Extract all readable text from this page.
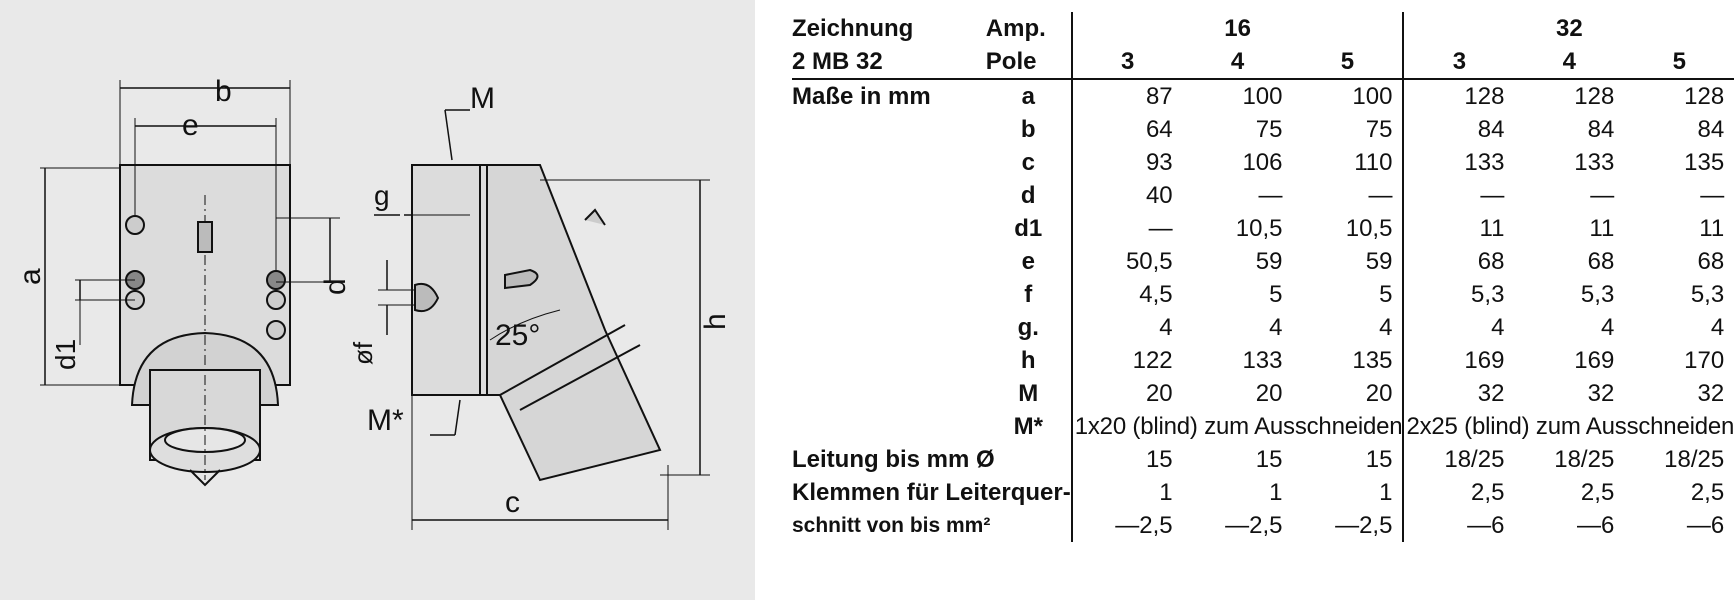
b
e
a
d1
d
M
g
øf
25°	h
M*
c
Zeichnung	Amp.	16			32		
2 MB 32	Pole	3	4	5	3	4	5
Maße in mm	a	87	100	100	128	128	128
	b	64	75	75	84	84	84
	c	93	106	110	133	133	135
	d	40	—	—	—	—	—
	d1	—	10,5	10,5	11	11	11
	e	50,5	59	59	68	68	68
	f	4,5	5	5	5,3	5,3	5,3
	g.	4	4	4	4	4	4
	h	122	133	135	169	169	170
	M	20	20	20	32	32	32
	M*	1x20 (blind) zum Ausschneiden			2x25 (blind) zum Ausschneiden		
Leitung bis mm Ø		15	15	15	18/25	18/25	18/25
Klemmen für Leiterquer-		1	1	1	2,5	2,5	2,5
schnitt von bis mm²		—2,5	—2,5	—2,5	—6	—6	—6
